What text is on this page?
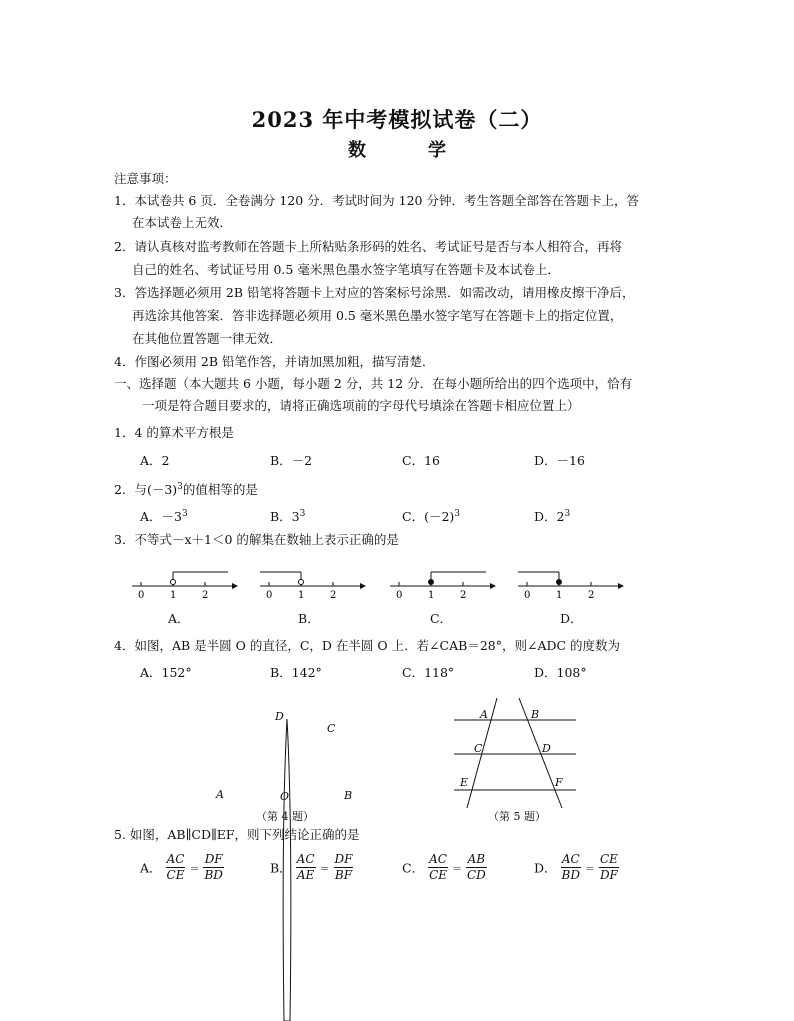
2023 年中考模拟试卷（二）
数　学
注意事项：
1．本试卷共 6 页．全卷满分 120 分．考试时间为 120 分钟．考生答题全部答在答题卡上，答
在本试卷上无效．
2．请认真核对监考教师在答题卡上所粘贴条形码的姓名、考试证号是否与本人相符合，再将
自己的姓名、考试证号用 0.5 毫米黑色墨水签字笔填写在答题卡及本试卷上．
3．答选择题必须用 2B 铅笔将答题卡上对应的答案标号涂黑．如需改动，请用橡皮擦干净后，
再选涂其他答案．答非选择题必须用 0.5 毫米黑色墨水签字笔写在答题卡上的指定位置，
在其他位置答题一律无效．
4．作图必须用 2B 铅笔作答，并请加黑加粗，描写清楚．
一、选择题（本大题共 6 小题，每小题 2 分，共 12 分．在每小题所给出的四个选项中，恰有
一项是符合题目要求的，请将正确选项前的字母代号填涂在答题卡相应位置上）
1．4 的算术平方根是
A．2	B．－2	C．16	D．－16
2．与$(-3)^3$的值相等的是
A．$-3^3$	B．$3^3$	C．$(-2)^3$	D．$2^3$
3．不等式－x＋1＜0 的解集在数轴上表示正确的是
0	1	2	0	1	2	0	1	2	0	1	2
A．	B．	C．	D．
4．如图，AB 是半圆 O 的直径，C，D 在半圆 O 上．若∠CAB＝28°，则∠ADC 的度数为
A．152°	B．142°	C．118°	D．108°
D
C
A	O	B
（第 4 题）
A	B
C	D
E	F
（第 5 题）
5. 如图，AB∥CD∥EF，则下列结论正确的是
A． $\frac{AC}{CE} = \frac{DF}{BD}$	B． $\frac{AC}{AE} = \frac{DF}{BF}$	C． $\frac{AC}{CE} = \frac{AB}{CD}$	D． $\frac{AC}{BD} = \frac{CE}{DF}$
